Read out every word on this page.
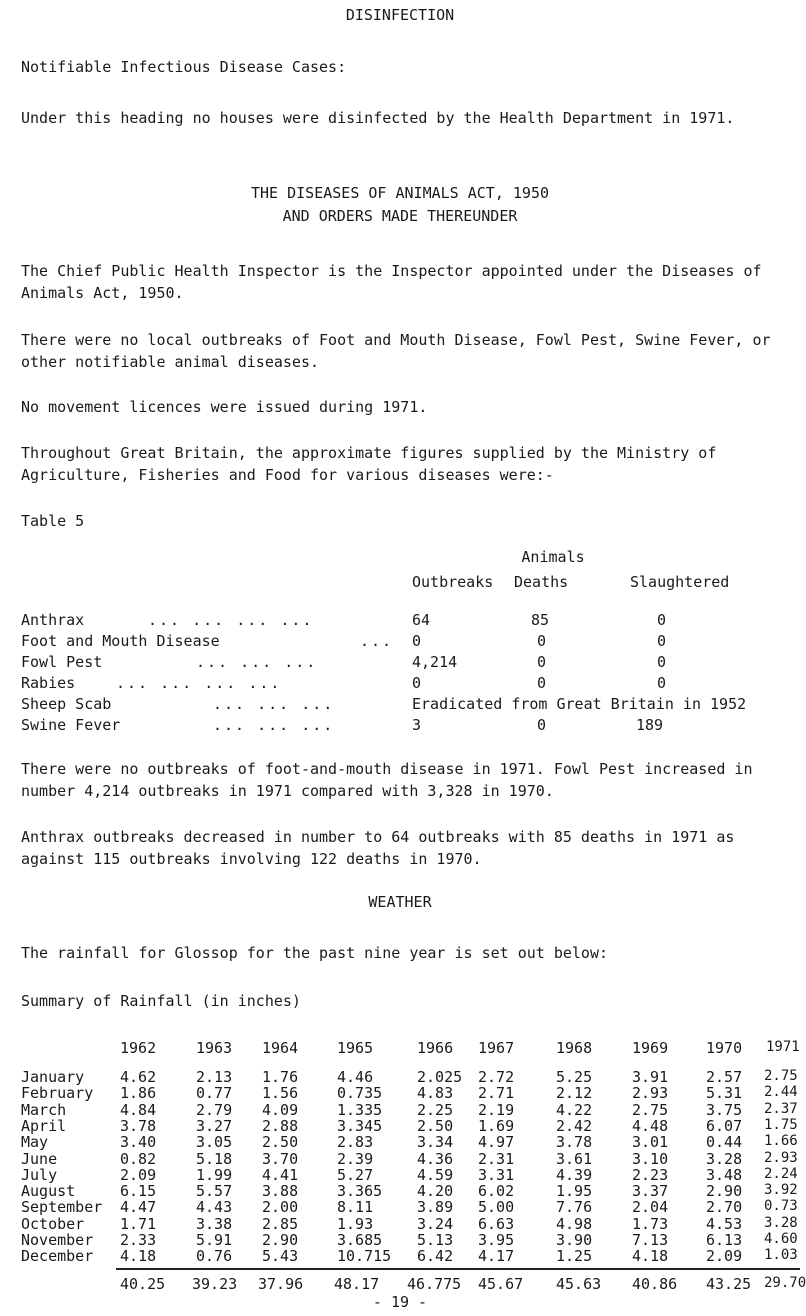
DISINFECTION
Notifiable Infectious Disease Cases:
Under this heading no houses were disinfected by the Health Department in 1971.
THE DISEASES OF ANIMALS ACT, 1950
AND ORDERS MADE THEREUNDER
The Chief Public Health Inspector is the Inspector appointed under the Diseases of Animals Act, 1950.
There were no local outbreaks of Foot and Mouth Disease, Fowl Pest, Swine Fever, or other notifiable animal diseases.
No movement licences were issued during 1971.
Throughout Great Britain, the approximate figures supplied by the Ministry of Agriculture, Fisheries and Food for various diseases were:-
Table 5
Animals
Outbreaks Deaths	Slaughtered
Anthrax	... ... ... ...	64	85	0
Foot and Mouth Disease	... 0	0	0
Fowl Pest	... ... ...	4,214	0	0
Rabies	... ... ... ...	0	0	0
Sheep Scab	... ... ...	Eradicated from Great Britain in 1952
Swine Fever	... ... ...	3	0	189
There were no outbreaks of foot-and-mouth disease in 1971. Fowl Pest increased in number 4,214 outbreaks in 1971 compared with 3,328 in 1970.
Anthrax outbreaks decreased in number to 64 outbreaks with 85 deaths in 1971 as against 115 outbreaks involving 122 deaths in 1970.
WEATHER
The rainfall for Glossop for the past nine year is set out below:
Summary of Rainfall (in inches)
1962	1963 1964	1965	1966 1967	1968	1969	1970 1971
January 4.62	2.13 1.76	4.46	2.025 2.72	5.25	3.91	2.57 2.75
February 1.86	0.77 1.56	0.735 4.83 2.71	2.12	2.93	5.31 2.44
March	4.84	2.79 4.09	1.335 2.25 2.19	4.22	2.75	3.75 2.37
April	3.78	3.27 2.88	3.345 2.50 1.69	2.42	4.48	6.07 1.75
May	3.40	3.05 2.50	2.83	3.34 4.97	3.78	3.01	0.44 1.66
June	0.82	5.18 3.70	2.39	4.36 2.31	3.61	3.10	3.28 2.93
July	2.09	1.99 4.41	5.27	4.59 3.31	4.39	2.23	3.48 2.24
August	6.15	5.57 3.88	3.365 4.20 6.02	1.95	3.37	2.90 3.92
September 4.47	4.43 2.00	8.11	3.89 5.00	7.76	2.04	2.70 0.73
October 1.71	3.38 2.85	1.93	3.24 6.63	4.98	1.73	4.53 3.28
November 2.33	5.91 2.90	3.685 5.13 3.95	3.90	7.13	6.13 4.60
December 4.18	0.76 5.43	10.715 6.42 4.17	1.25	4.18	2.09 1.03
40.25 39.23 37.96 48.17 46.775 45.67 45.63 40.86 43.25 29.70
- 19 -
